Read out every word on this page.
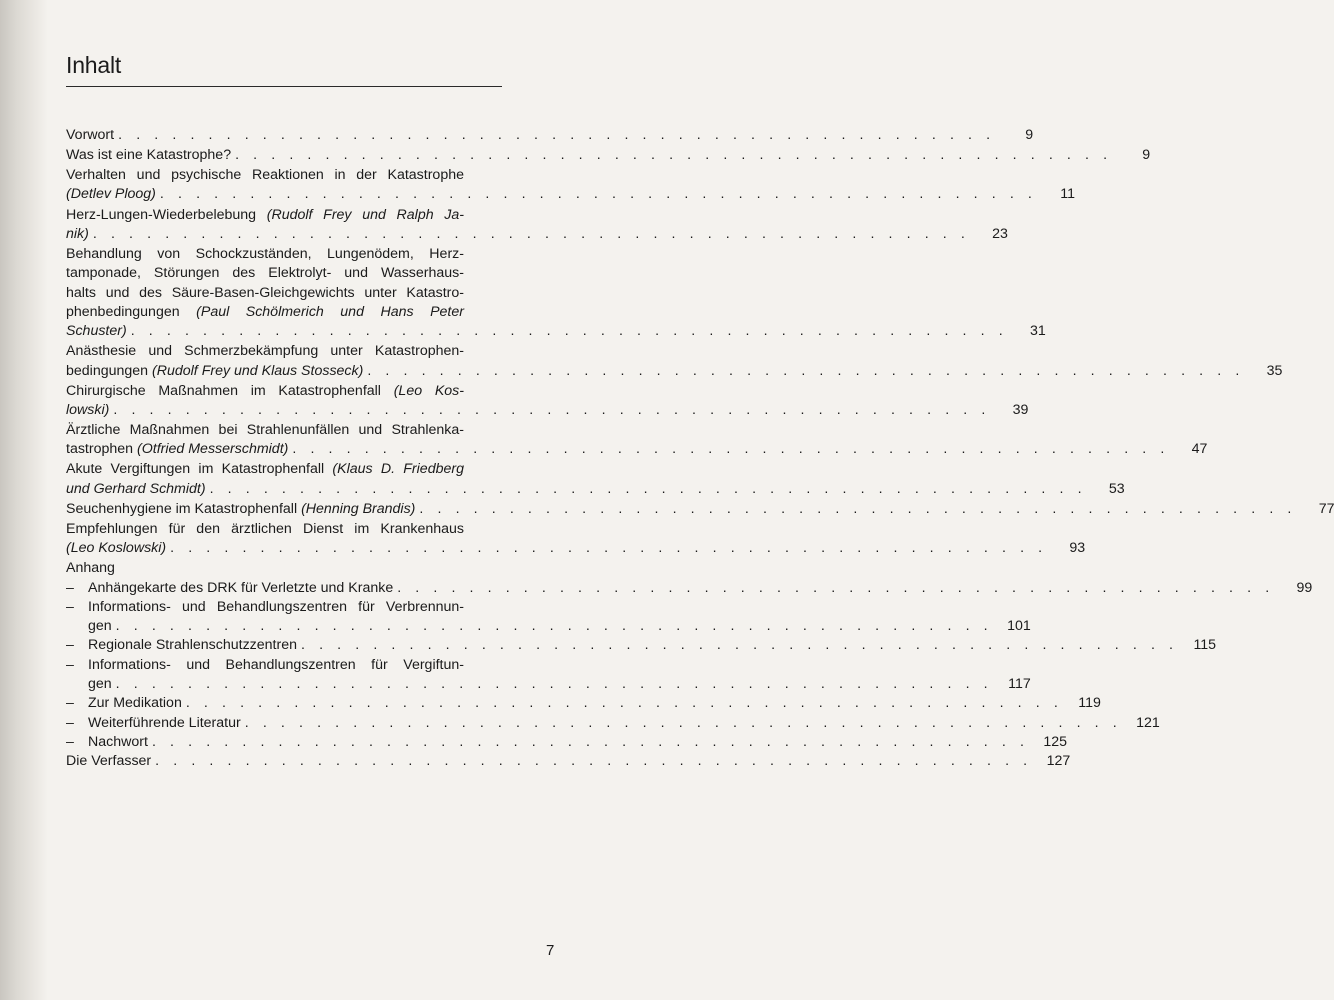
Inhalt
Vorwort . . . . . . . . . . . . . . . . . . . . . . . . . . . . . . . . . . . . . . . . . . . . . . . . .	9
Was ist eine Katastrophe? . . . . . . . . . . . . . . . . . . . . . . . . . . . . . . . . . . . . . . . . . . . . . . . . .	9
Verhalten und psychische Reaktionen in der Katastrophe
(Detlev Ploog) . . . . . . . . . . . . . . . . . . . . . . . . . . . . . . . . . . . . . . . . . . . . . . . . .	11
Herz-Lungen-Wiederbelebung (Rudolf Frey und Ralph Ja-
nik) . . . . . . . . . . . . . . . . . . . . . . . . . . . . . . . . . . . . . . . . . . . . . . . . .	23
Behandlung von Schockzuständen, Lungenödem, Herz-
tamponade, Störungen des Elektrolyt- und Wasserhaus-
halts und des Säure-Basen-Gleichgewichts unter Katastro-
phenbedingungen (Paul Schölmerich und Hans Peter
Schuster) . . . . . . . . . . . . . . . . . . . . . . . . . . . . . . . . . . . . . . . . . . . . . . . . .	31
Anästhesie und Schmerzbekämpfung unter Katastrophen-
bedingungen (Rudolf Frey und Klaus Stosseck) . . . . . . . . . . . . . . . . . . . . . . . . . . . . . . . . . . . . . . . . . . . . . . . . .	35
Chirurgische Maßnahmen im Katastrophenfall (Leo Kos-
lowski) . . . . . . . . . . . . . . . . . . . . . . . . . . . . . . . . . . . . . . . . . . . . . . . . .	39
Ärztliche Maßnahmen bei Strahlenunfällen und Strahlenka-
tastrophen (Otfried Messerschmidt) . . . . . . . . . . . . . . . . . . . . . . . . . . . . . . . . . . . . . . . . . . . . . . . . .	47
Akute Vergiftungen im Katastrophenfall (Klaus D. Friedberg
und Gerhard Schmidt) . . . . . . . . . . . . . . . . . . . . . . . . . . . . . . . . . . . . . . . . . . . . . . . . .	53
Seuchenhygiene im Katastrophenfall (Henning Brandis) . . . . . . . . . . . . . . . . . . . . . . . . . . . . . . . . . . . . . . . . . . . . . . . . .	77
Empfehlungen für den ärztlichen Dienst im Krankenhaus
(Leo Koslowski) . . . . . . . . . . . . . . . . . . . . . . . . . . . . . . . . . . . . . . . . . . . . . . . . .	93
Anhang
– Anhängekarte des DRK für Verletzte und Kranke . . . . . . . . . . . . . . . . . . . . . . . . . . . . . . . . . . . . . . . . . . . . . . . . .	99
– Informations- und Behandlungszentren für Verbrennun-
gen . . . . . . . . . . . . . . . . . . . . . . . . . . . . . . . . . . . . . . . . . . . . . . . . .	101
– Regionale Strahlenschutzzentren . . . . . . . . . . . . . . . . . . . . . . . . . . . . . . . . . . . . . . . . . . . . . . . . .	115
– Informations- und Behandlungszentren für Vergiftun-
gen . . . . . . . . . . . . . . . . . . . . . . . . . . . . . . . . . . . . . . . . . . . . . . . . .	117
– Zur Medikation . . . . . . . . . . . . . . . . . . . . . . . . . . . . . . . . . . . . . . . . . . . . . . . . .	119
– Weiterführende Literatur . . . . . . . . . . . . . . . . . . . . . . . . . . . . . . . . . . . . . . . . . . . . . . . . .	121
– Nachwort . . . . . . . . . . . . . . . . . . . . . . . . . . . . . . . . . . . . . . . . . . . . . . . . .	125
Die Verfasser . . . . . . . . . . . . . . . . . . . . . . . . . . . . . . . . . . . . . . . . . . . . . . . . .	127
7
